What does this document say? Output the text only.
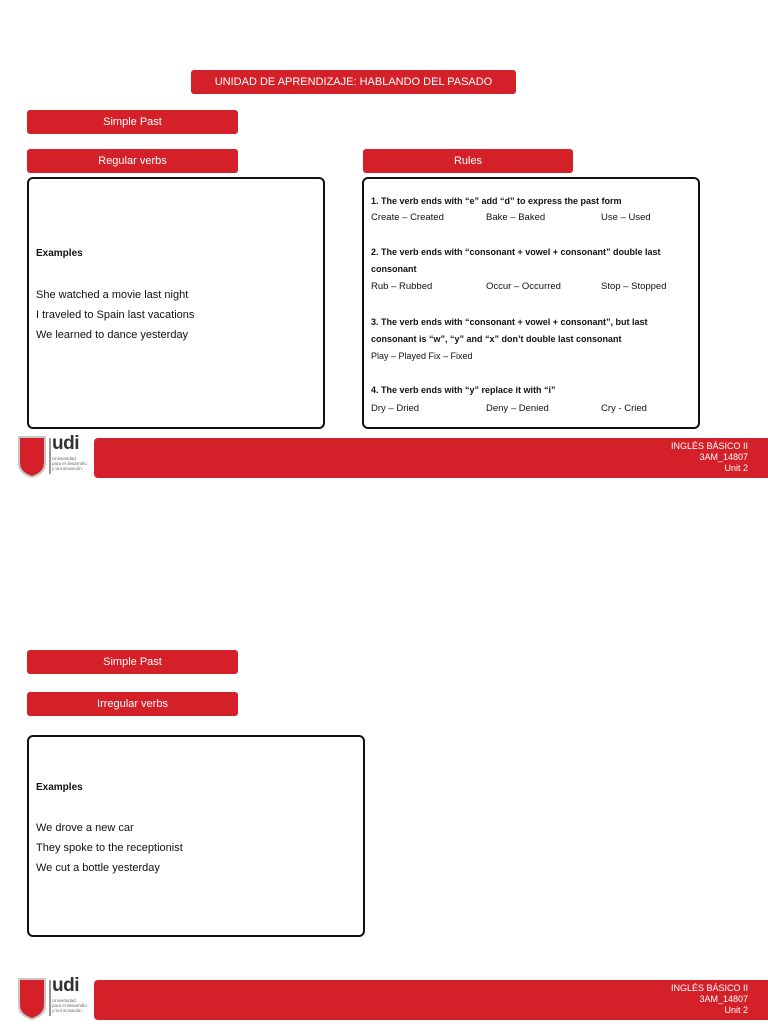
UNIDAD DE APRENDIZAJE: HABLANDO DEL PASADO
Simple Past
Regular verbs	Rules
Examples
She watched a movie last night
I traveled to Spain last vacations
We learned to dance yesterday
1. The verb ends with “e” add “d” to express the past form
Create – Created	Bake – Baked	Use – Used
2. The verb ends with “consonant + vowel + consonant” double last
consonant
Rub – Rubbed	Occur – Occurred	Stop – Stopped
3. The verb ends with “consonant + vowel + consonant”, but last
consonant is “w”, “y” and “x” don’t double last consonant
Play – Played Fix – Fixed
4. The verb ends with “y” replace it with “i”
Dry – Dried	Deny – Denied	Cry - Cried
udi
Universidad
para el desarrollo
y la innovación
INGLÉS BÁSICO II
3AM_14807
Unit 2
Simple Past
Irregular verbs
Examples
We drove a new car
They spoke to the receptionist
We cut a bottle yesterday
udi
Universidad
para el desarrollo
y la innovación
INGLÉS BÁSICO II
3AM_14807
Unit 2
